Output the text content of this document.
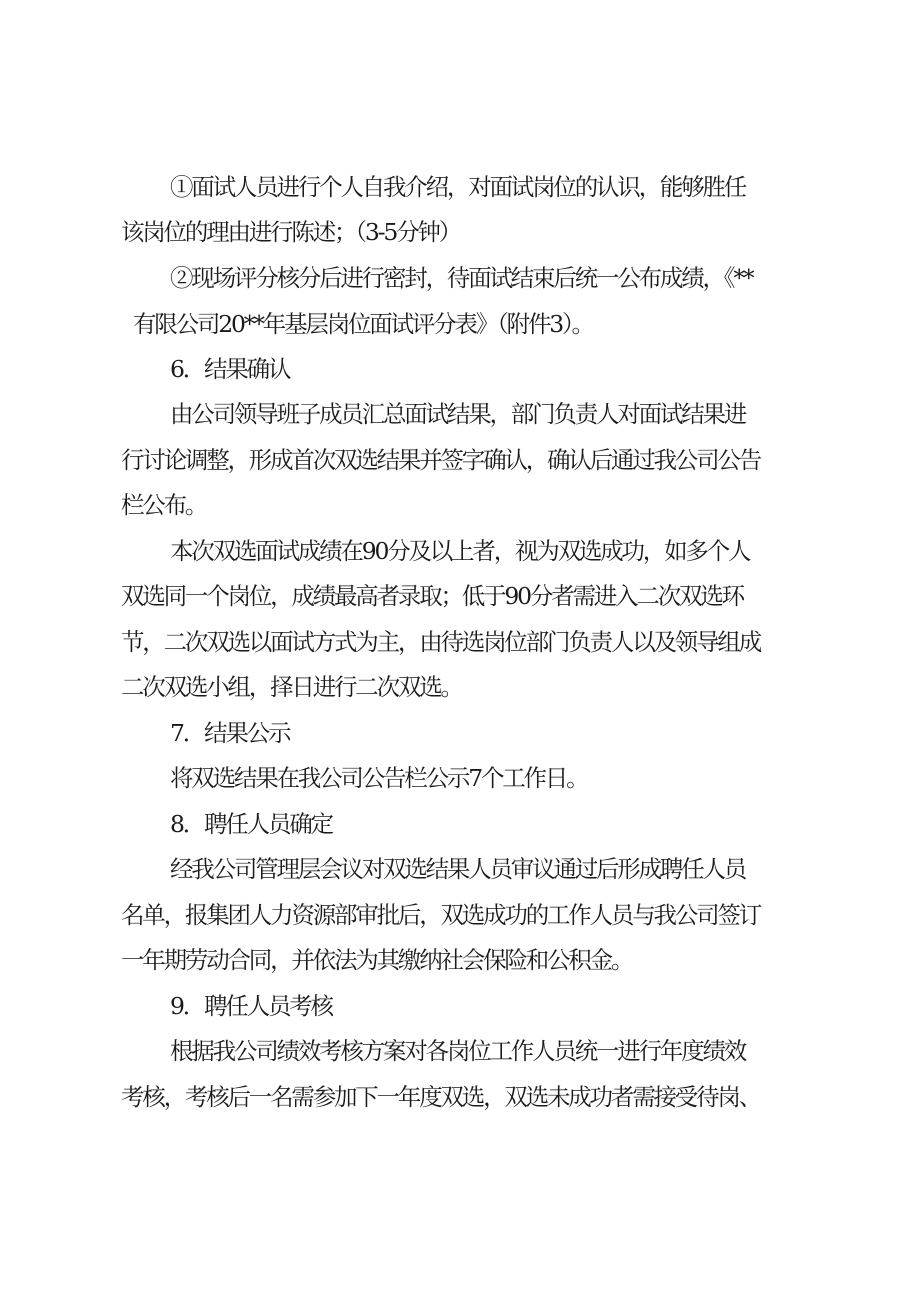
①面试人员进行个人自我介绍，对面试岗位的认识，能够胜任
该岗位的理由进行陈述；（3-5分钟）
②现场评分核分后进行密封，待面试结束后统一公布成绩，《**
有限公司20**年基层岗位面试评分表》（附件3）。
6．结果确认
由公司领导班子成员汇总面试结果，部门负责人对面试结果进
行讨论调整，形成首次双选结果并签字确认，确认后通过我公司公告
栏公布。
本次双选面试成绩在90分及以上者，视为双选成功，如多个人
双选同一个岗位，成绩最高者录取；低于90分者需进入二次双选环
节，二次双选以面试方式为主，由待选岗位部门负责人以及领导组成
二次双选小组，择日进行二次双选。
7．结果公示
将双选结果在我公司公告栏公示7个工作日。
8．聘任人员确定
经我公司管理层会议对双选结果人员审议通过后形成聘任人员
名单，报集团人力资源部审批后，双选成功的工作人员与我公司签订
一年期劳动合同，并依法为其缴纳社会保险和公积金。
9．聘任人员考核
根据我公司绩效考核方案对各岗位工作人员统一进行年度绩效
考核，考核后一名需参加下一年度双选，双选未成功者需接受待岗、
